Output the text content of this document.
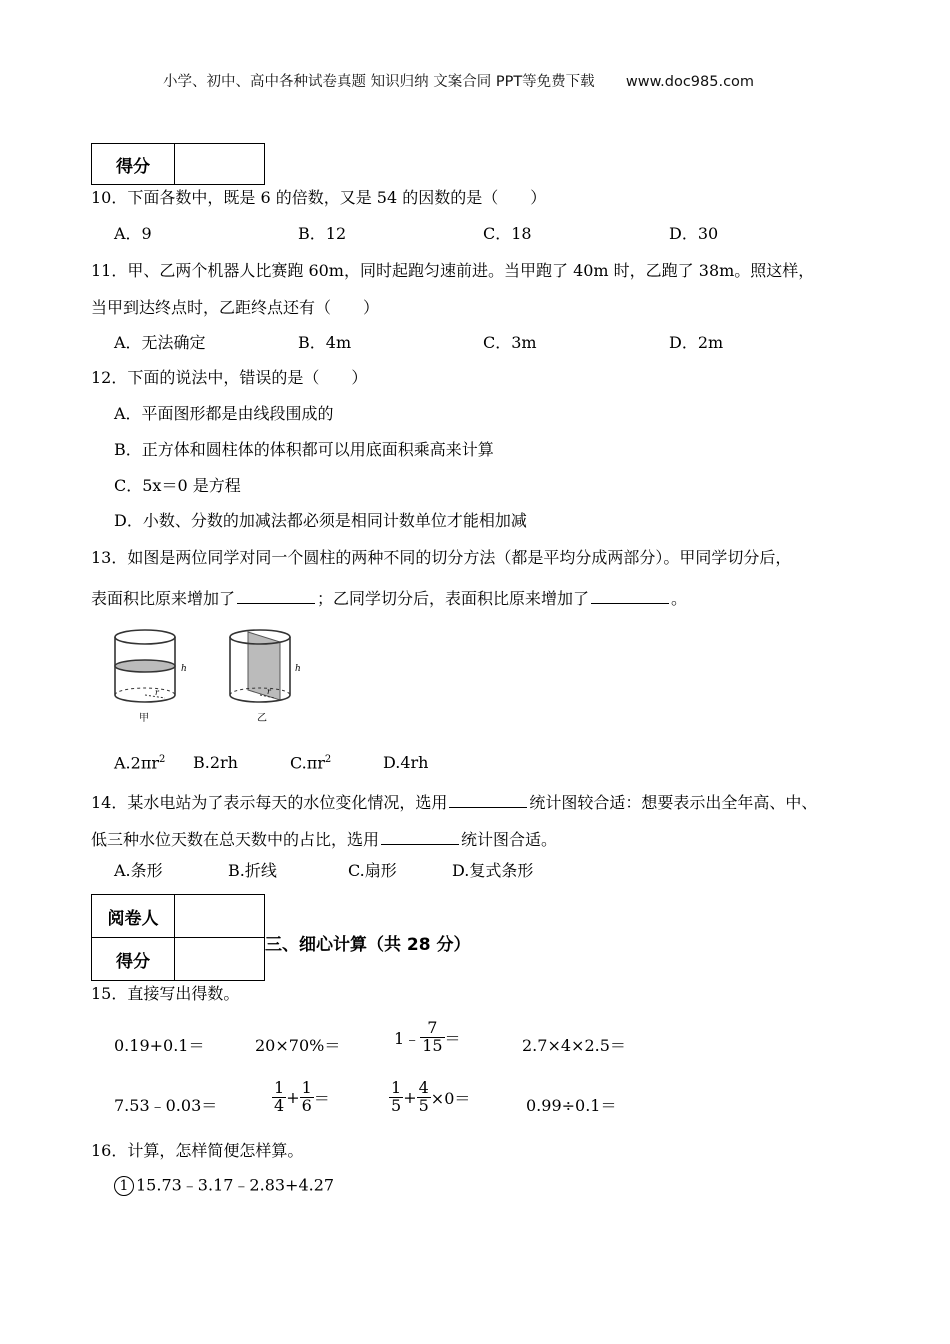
小学、初中、高中各种试卷真题 知识归纳 文案合同 PPT等免费下载 www.doc985.com
得分	
10．下面各数中，既是 6 的倍数，又是 54 的因数的是（　　）
A．9	B．12	C．18	D．30
11．甲、乙两个机器人比赛跑 60m，同时起跑匀速前进。当甲跑了 40m 时，乙跑了 38m。照这样，
当甲到达终点时，乙距终点还有（　　）
A．无法确定	B．4m	C．3m	D．2m
12．下面的说法中，错误的是（　　）
A．平面图形都是由线段围成的
B．正方体和圆柱体的体积都可以用底面积乘高来计算
C．5x＝0 是方程
D．小数、分数的加减法都必须是相同计数单位才能相加减
13．如图是两位同学对同一个圆柱的两种不同的切分方法（都是平均分成两部分）。甲同学切分后，
表面积比原来增加了	；乙同学切分后，表面积比原来增加了	。
h
r
甲
h
r
乙
$A.2\pi r^2$ B.2rh	$C.\pi r^2$	D.4rh
14．某水电站为了表示每天的水位变化情况，选用	统计图较合适：想要表示出全年高、中、
低三种水位天数在总天数中的占比，选用	统计图合适。
A.条形	B.折线	C.扇形	D.复式条形
阅卷人	
得分	
三、细心计算（共 28 分）
15．直接写出得数。
0.19+0.1＝	20×70%＝	1﹣ $\frac{7}{15}$ ＝	2.7×4×2.5＝
7.53﹣0.03＝	$\frac{1}{4} + \frac{1}{6}$ ＝	$\frac{1}{5} + \frac{4}{5} \times 0=$	0.99÷0.1＝
16．计算，怎样简便怎样算。
1 15.73﹣3.17﹣2.83+4.27
